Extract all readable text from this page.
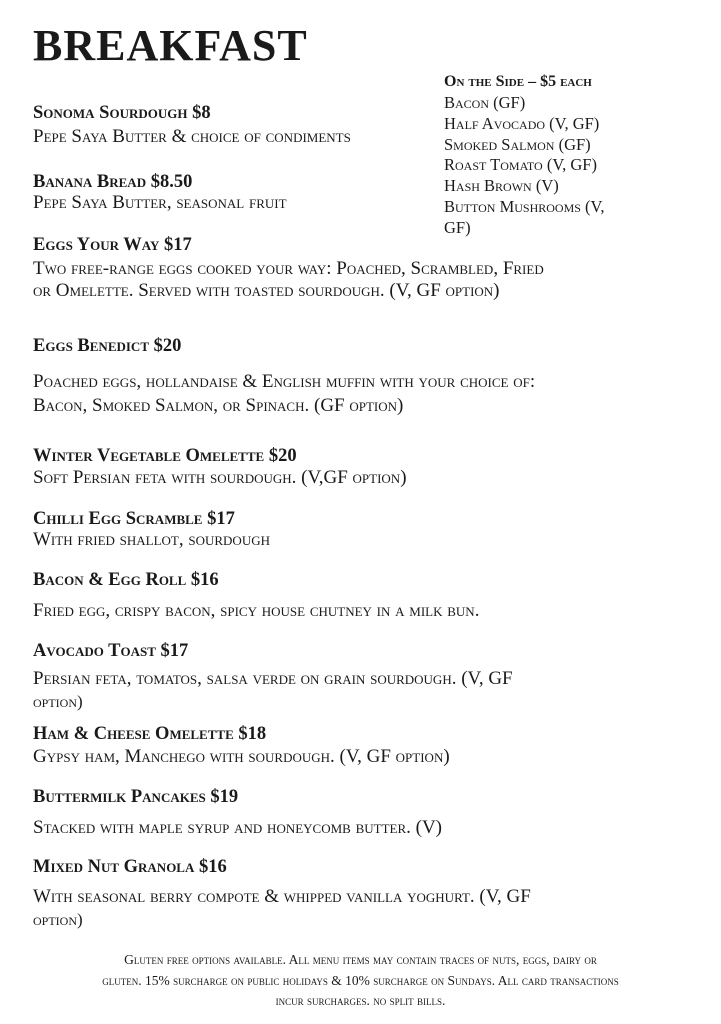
BREAKFAST
On the Side – $5 each
Bacon (GF)
Half Avocado (V, GF)
Smoked Salmon (GF)
Roast Tomato (V, GF)
Hash Brown (V)
Button Mushrooms (V,
GF)
Sonoma Sourdough $8
Pepe Saya Butter & choice of condiments
Banana Bread $8.50
Pepe Saya Butter, seasonal fruit
Eggs Your Way $17
Two free-range eggs cooked your way: Poached, Scrambled, Fried
or Omelette. Served with toasted sourdough. (V, GF option)
Eggs Benedict $20
Poached eggs, hollandaise & English muffin with your choice of:
Bacon, Smoked Salmon, or Spinach. (GF option)
Winter Vegetable Omelette $20
Soft Persian feta with sourdough. (V,GF option)
Chilli Egg Scramble $17
With fried shallot, sourdough
Bacon & Egg Roll $16
Fried egg, crispy bacon, spicy house chutney in a milk bun.
Avocado Toast $17
Persian feta, tomatos, salsa verde on grain sourdough. (V, GF
option)
Ham & Cheese Omelette $18
Gypsy ham, Manchego with sourdough. (V, GF option)
Buttermilk Pancakes $19
Stacked with maple syrup and honeycomb butter. (V)
Mixed Nut Granola $16
With seasonal berry compote & whipped vanilla yoghurt. (V, GF
option)
Gluten free options available. All menu items may contain traces of nuts, eggs, dairy or
gluten. 15% surcharge on public holidays & 10% surcharge on Sundays. All card transactions
incur surcharges. no split bills.
